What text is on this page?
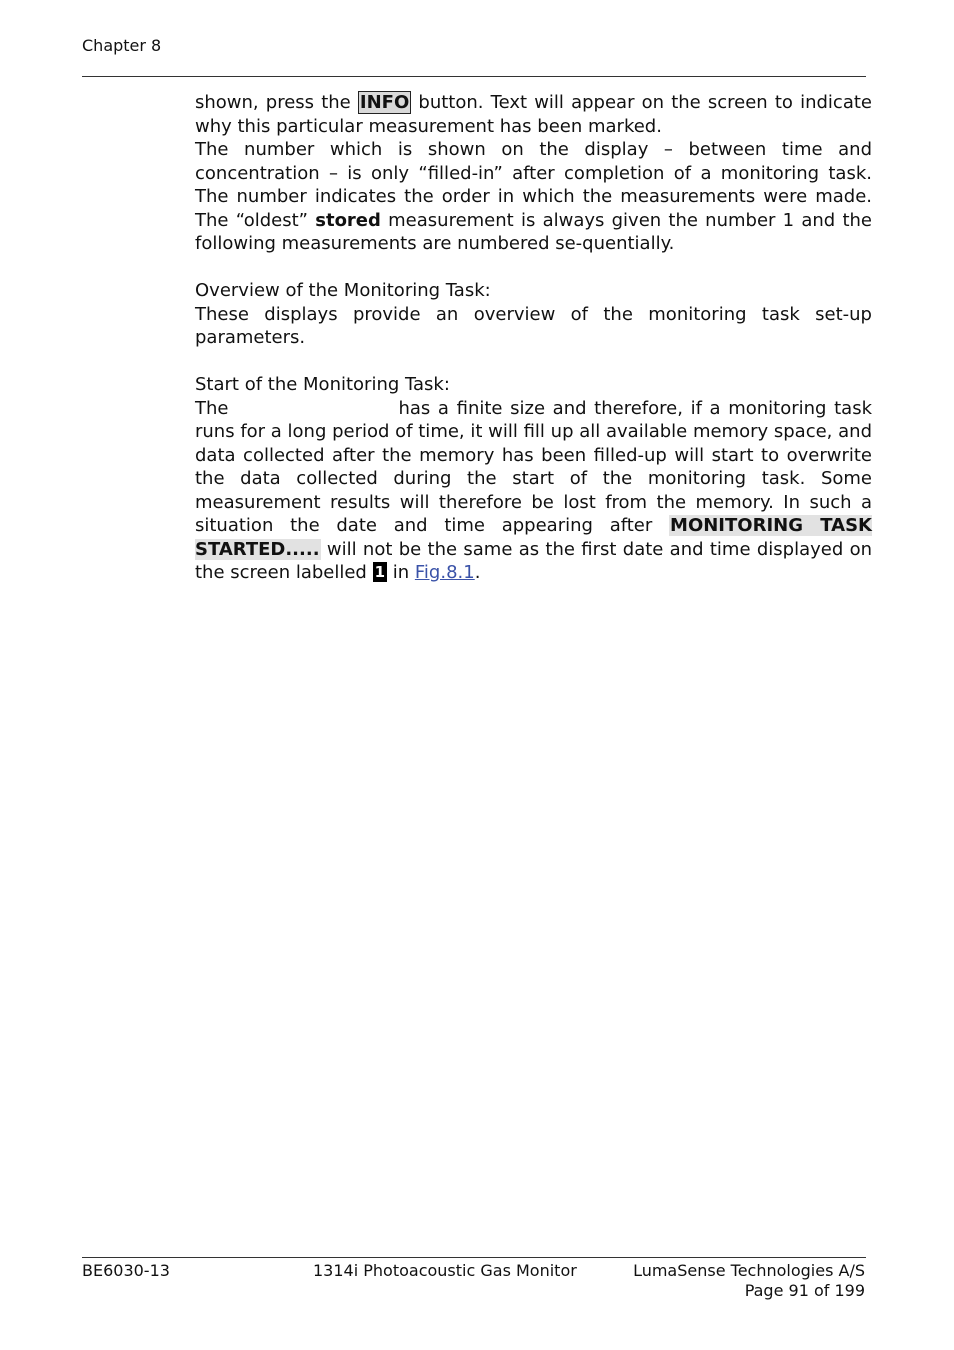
Chapter 8

shown, press the INFO button. Text will appear on the screen to indicate why this particular measurement has been marked.

The number which is shown on the display – between time and concentration – is only “filled-in” after completion of a monitoring task. The number indicates the order in which the measurements were made. The “oldest” stored measurement is always given the number 1 and the following measurements are numbered se-quentially.

Overview of the Monitoring Task:

These displays provide an overview of the monitoring task set-up parameters.

Start of the Monitoring Task:

The	has a finite size and therefore, if a monitoring task runs for a long period of time, it will fill up all available memory space, and data collected after the memory has been filled-up will start to overwrite the data collected during the start of the monitoring task. Some measurement results will therefore be lost from the memory. In such a situation the date and time appearing after MONITORING TASK STARTED..... will not be the same as the first date and time displayed on the screen labelled 1 in Fig.8.1.

BE6030-13	1314i Photoacoustic Gas Monitor	LumaSense Technologies A/S
Page 91 of 199
